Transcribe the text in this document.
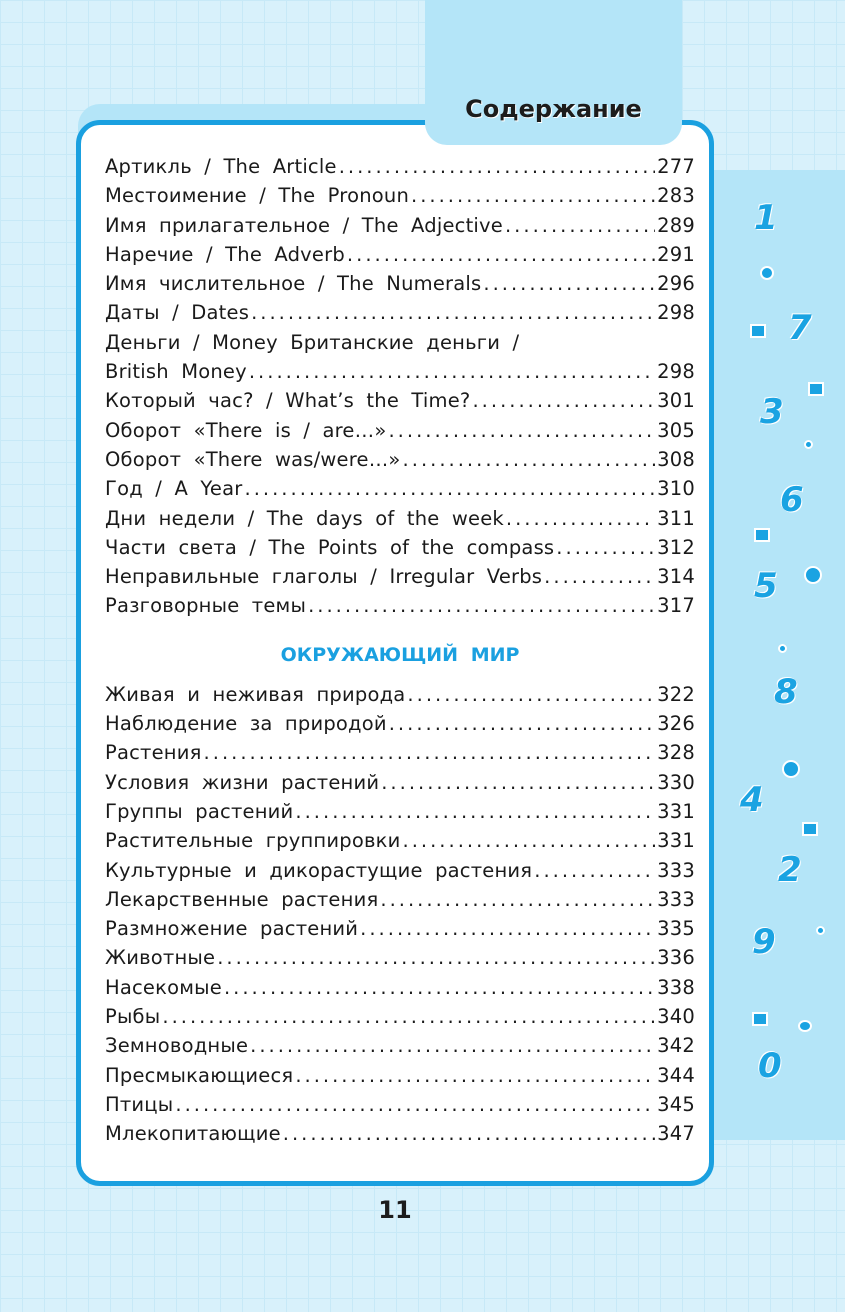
1
7
3
6
5
8
4
2
9
0
Содержание
Артикль / The Article .....	277
Местоимение / The Pronoun .....	283
Имя прилагательное / The Adjective .....	289
Наречие / The Adverb .....	291
Имя числительное / The Numerals .....	296
Даты / Dates .....	298
Деньги / Money Британские деньги /
British Money .....	298
Который час? / What’s the Time? .....	301
Оборот «There is / are…» .....	305
Оборот «There was/were…» .....	308
Год / A Year .....	310
Дни недели / The days of the week .....	311
Части света / The Points of the compass .....	312
Неправильные глаголы / Irregular Verbs .....	314
Разговорные темы .....	317
ОКРУЖАЮЩИЙ МИР
Живая и неживая природа .....	322
Наблюдение за природой .....	326
Растения .....	328
Условия жизни растений .....	330
Группы растений .....	331
Растительные группировки .....	331
Культурные и дикорастущие растения .....	333
Лекарственные растения .....	333
Размножение растений .....	335
Животные .....	336
Насекомые .....	338
Рыбы .....	340
Земноводные .....	342
Пресмыкающиеся .....	344
Птицы .....	345
Млекопитающие .....	347
11
